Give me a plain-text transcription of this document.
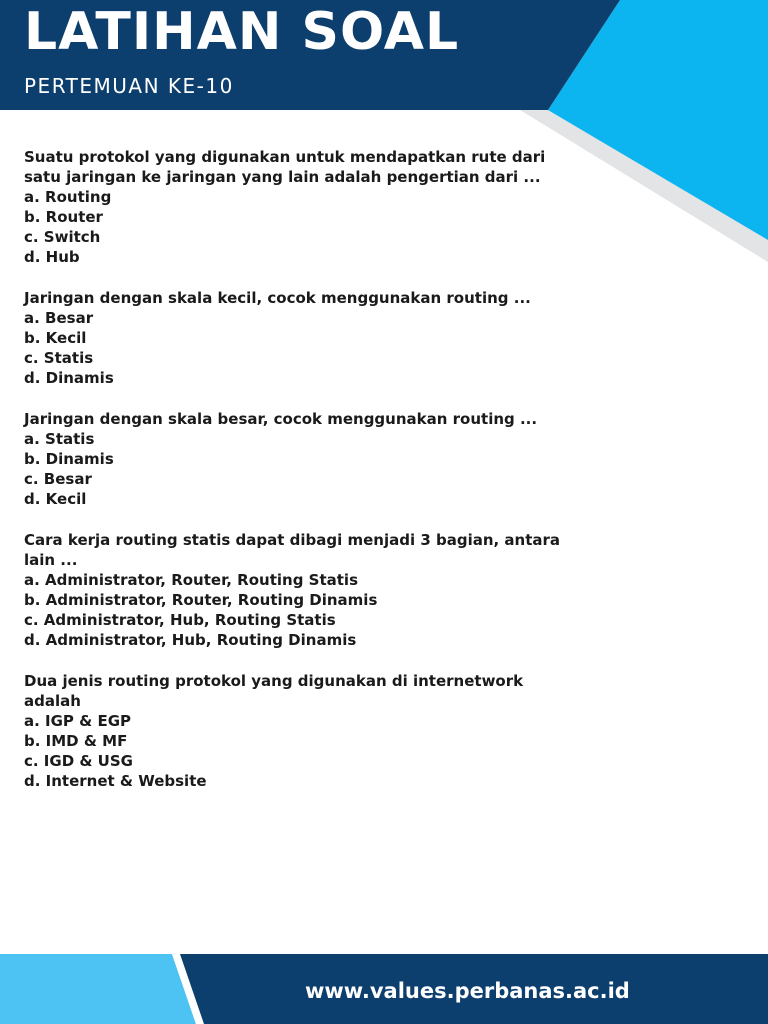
LATIHAN SOAL
PERTEMUAN KE-10
Suatu protokol yang digunakan untuk mendapatkan rute dari satu jaringan ke jaringan yang lain adalah pengertian dari ...
a. Routing
b. Router
c. Switch
d. Hub
Jaringan dengan skala kecil, cocok menggunakan routing ...
a. Besar
b. Kecil
c. Statis
d. Dinamis
Jaringan dengan skala besar, cocok menggunakan routing ...
a. Statis
b. Dinamis
c. Besar
d. Kecil
Cara kerja routing statis dapat dibagi menjadi 3 bagian, antara lain ...
a. Administrator, Router, Routing Statis
b. Administrator, Router, Routing Dinamis
c. Administrator, Hub, Routing Statis
d. Administrator, Hub, Routing Dinamis
Dua jenis routing protokol yang digunakan di internetwork adalah
a. IGP & EGP
b. IMD & MF
c. IGD & USG
d. Internet & Website
www.values.perbanas.ac.id
